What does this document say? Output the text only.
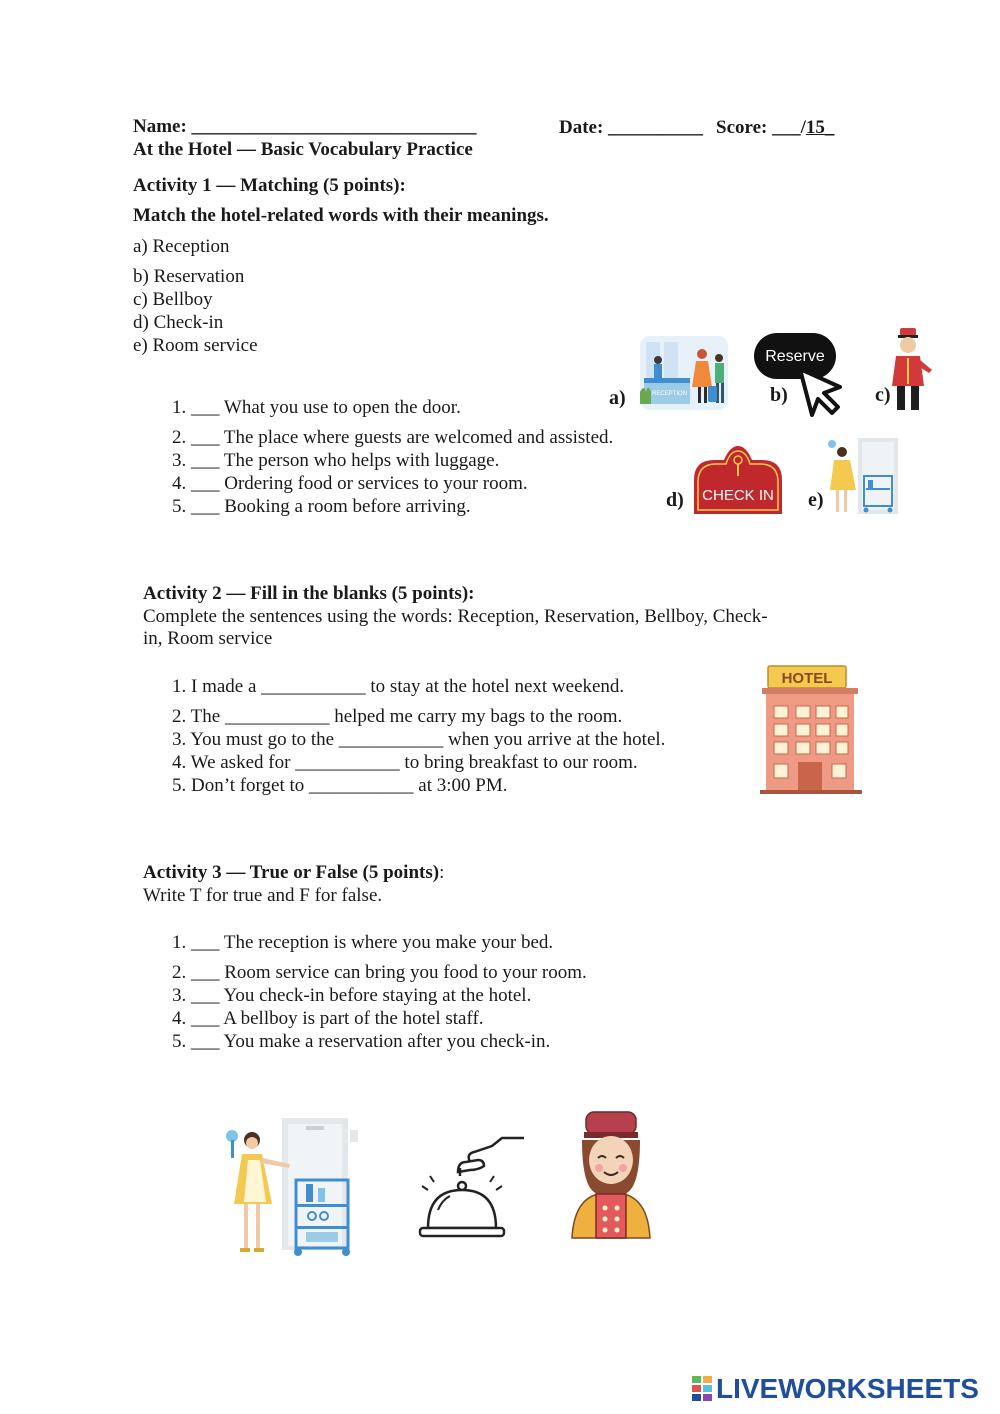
Name: ______________________________	Date: __________ Score: ___/15_
At the Hotel — Basic Vocabulary Practice
Activity 1 — Matching (5 points):
Match the hotel-related words with their meanings.
a) Reception
b) Reservation
c) Bellboy
d) Check-in
e) Room service
1. ___ What you use to open the door.
2. ___ The place where guests are welcomed and assisted.
3. ___ The person who helps with luggage.
4. ___ Ordering food or services to your room.
5. ___ Booking a room before arriving.
a)	b)	c)
d)	e)
RECEPTION
Reserve
CHECK IN
Activity 2 — Fill in the blanks (5 points):
Complete the sentences using the words: Reception, Reservation, Bellboy, Check-
in, Room service
1. I made a ___________ to stay at the hotel next weekend.
2. The ___________ helped me carry my bags to the room.
3. You must go to the ___________ when you arrive at the hotel.
4. We asked for ___________ to bring breakfast to our room.
5. Don’t forget to ___________ at 3:00 PM.
HOTEL
Activity 3 — True or False (5 points):
Write T for true and F for false.
1. ___ The reception is where you make your bed.
2. ___ Room service can bring you food to your room.
3. ___ You check-in before staying at the hotel.
4. ___ A bellboy is part of the hotel staff.
5. ___ You make a reservation after you check-in.
LIVEWORKSHEETS
